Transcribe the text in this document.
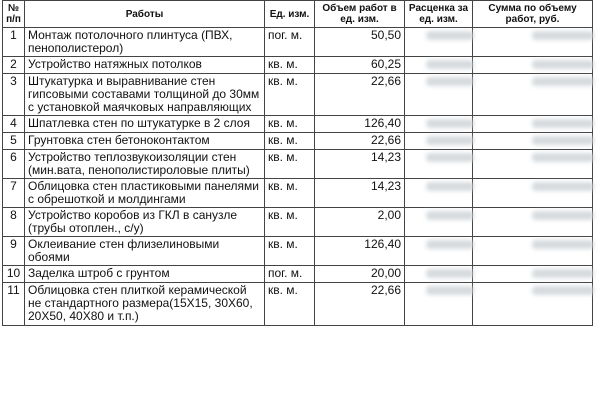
№ п/п	Работы	Ед. изм.	Объем работ в ед. изм.	Расценка за ед. изм.	Сумма по объему работ, руб.
1	Монтаж потолочного плинтуса (ПВХ, пенополистерол)	пог. м.	50,50		
2	Устройство натяжных потолков	кв. м.	60,25		
3	Штукатурка и выравнивание стен гипсовыми составами толщиной до 30мм с установкой маячковых направляющих	кв. м.	22,66		
4	Шпатлевка стен по штукатурке в 2 слоя	кв. м.	126,40		
5	Грунтовка стен бетоноконтактом	кв. м.	22,66		
6	Устройство теплозвукоизоляции стен (мин.вата, пенополистироловые плиты)	кв. м.	14,23		
7	Облицовка стен пластиковыми панелями с обрешоткой и молдингами	кв. м.	14,23		
8	Устройство коробов из ГКЛ в санузле (трубы отоплен., с/у)	кв. м.	2,00		
9	Оклеивание стен флизелиновыми обоями	кв. м.	126,40		
10	Заделка штроб с грунтом	пог. м.	20,00		
11	Облицовка стен плиткой керамической не стандартного размера(15X15, 30X60, 20X50, 40X80 и т.п.)	кв. м.	22,66		
